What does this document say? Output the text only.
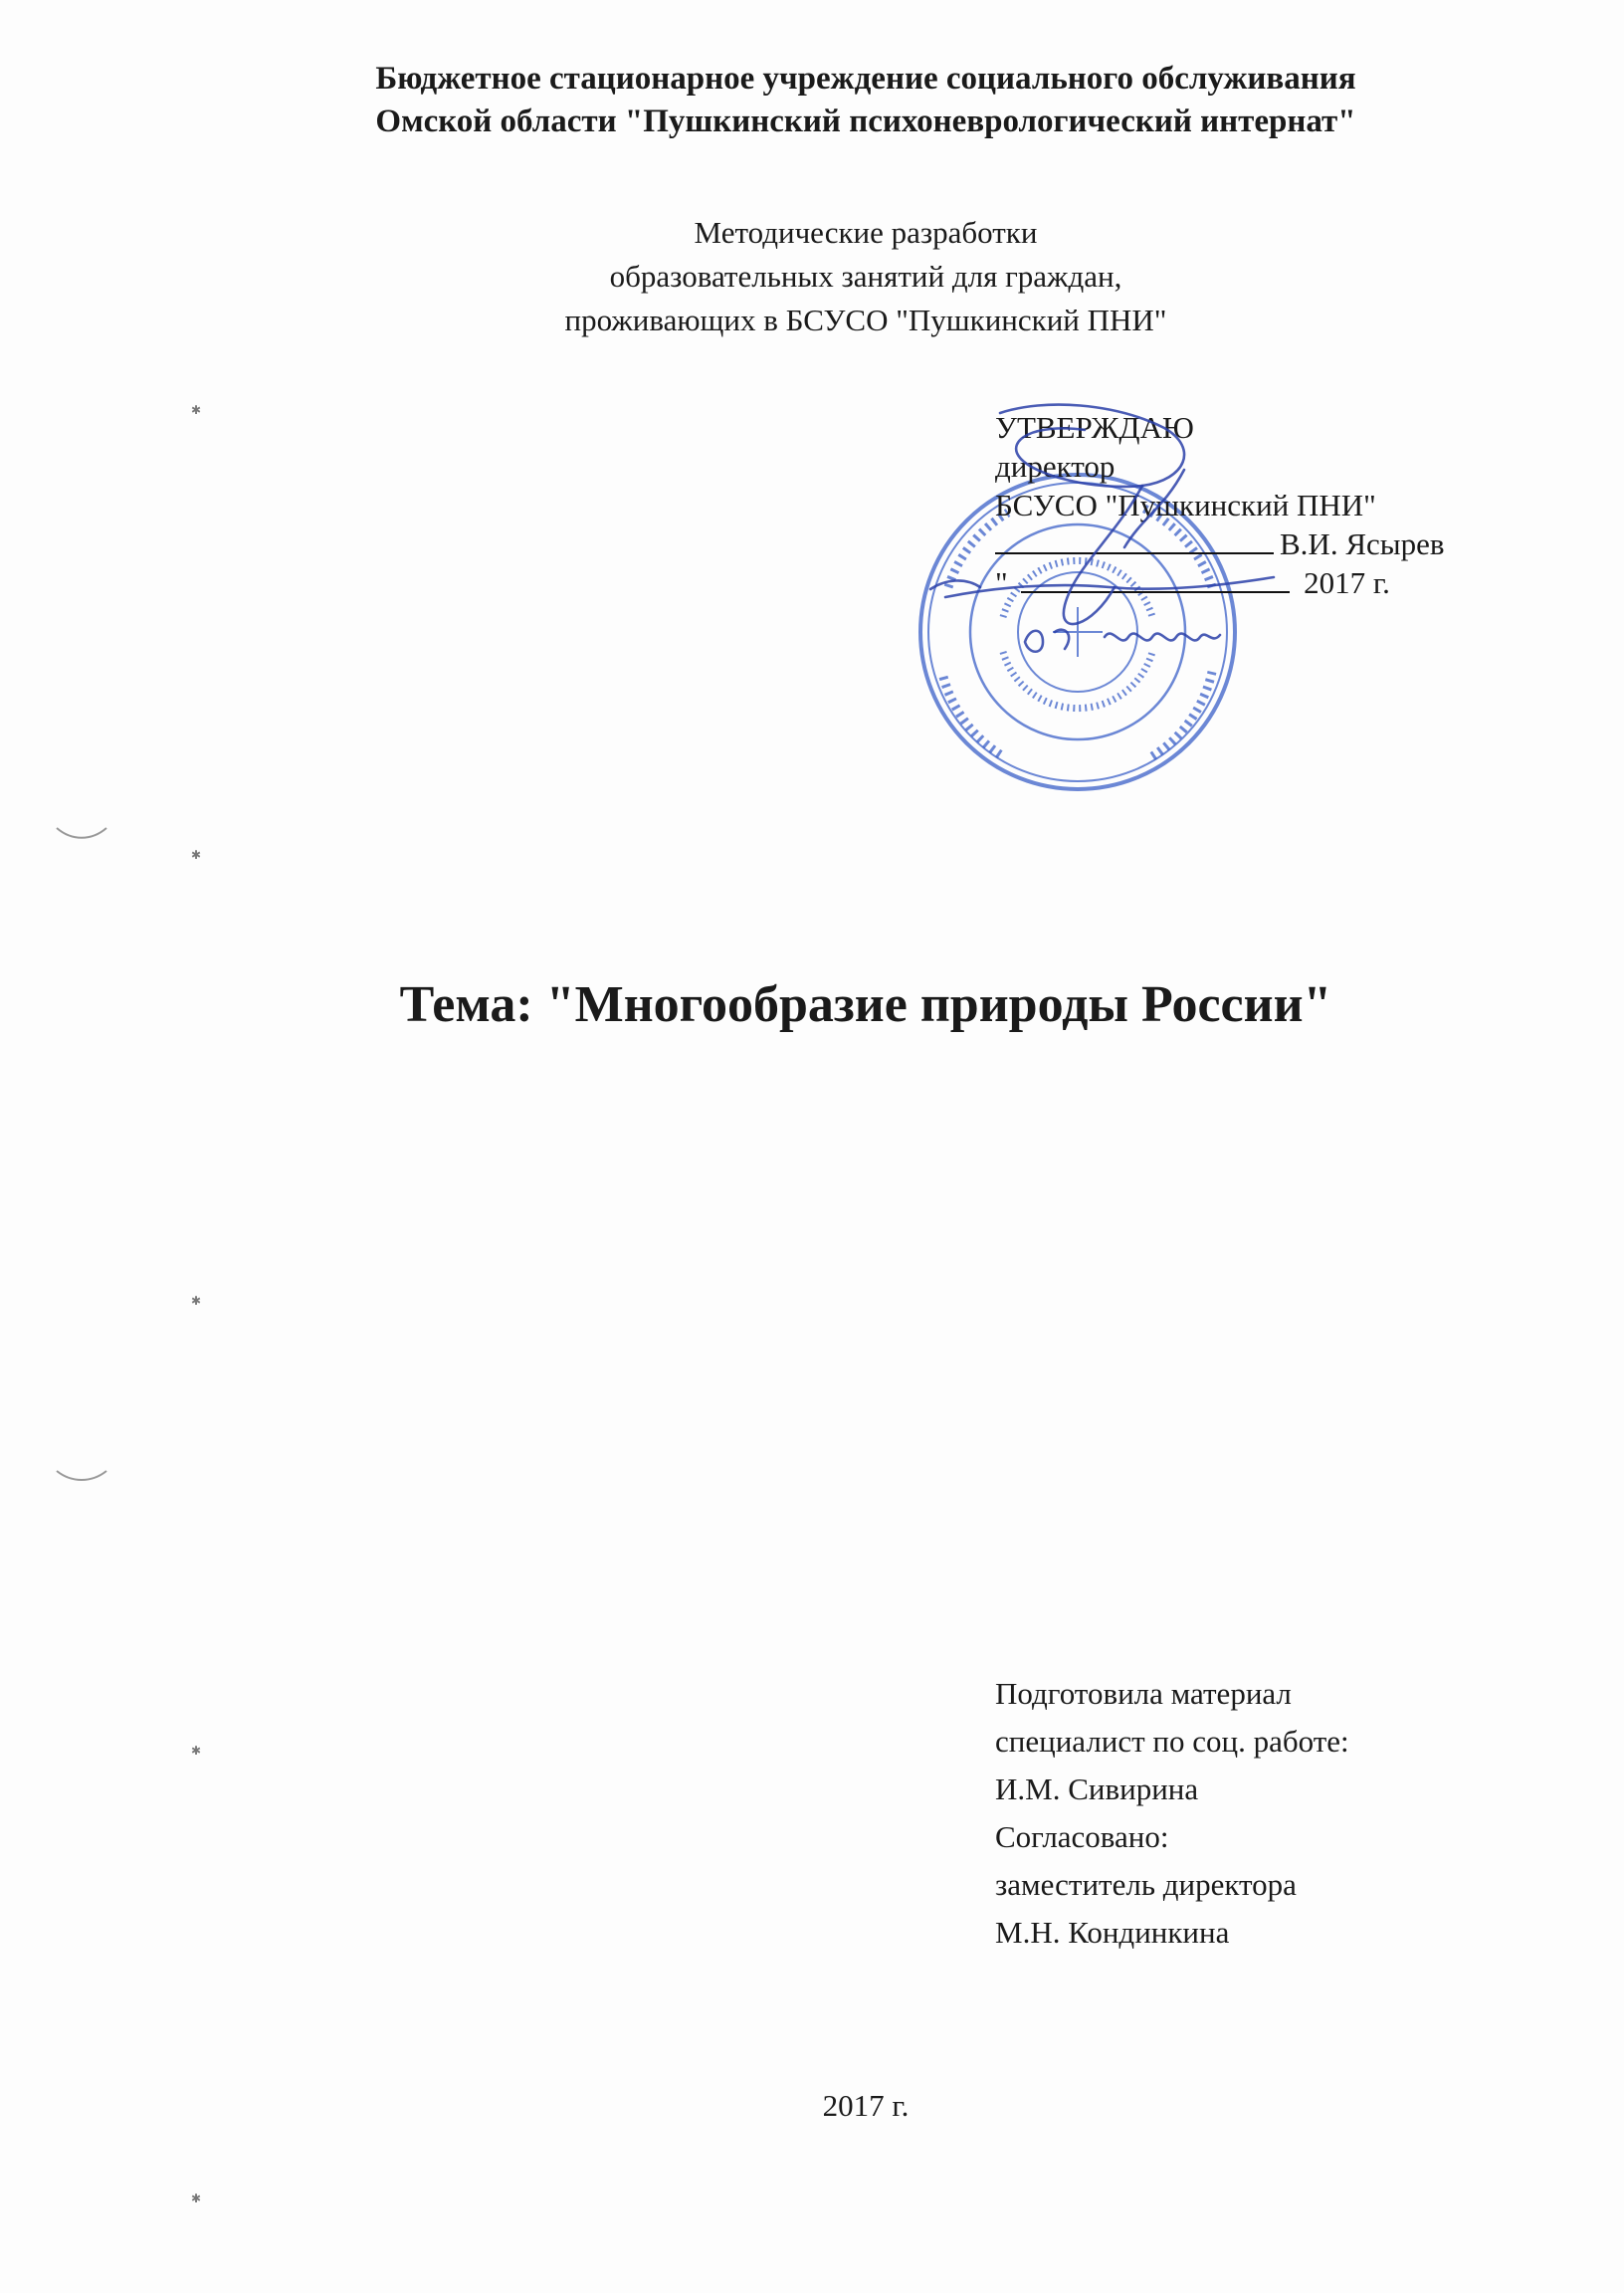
Бюджетное стационарное учреждение социального обслуживания
Омской области "Пушкинский психоневрологический интернат"
Методические разработки
образовательных занятий для граждан,
проживающих в БСУСО "Пушкинский ПНИ"
УТВЕРЖДАЮ
директор
БСУСО "Пушкинский ПНИ"
В.И. Ясырев
"	2017 г.
Тема: "Многообразие природы России"
Подготовила материал
специалист по соц. работе:
И.М. Сивирина
Согласовано:
заместитель директора
М.Н. Кондинкина
2017 г.
✱
✱
✱
✱
✱
